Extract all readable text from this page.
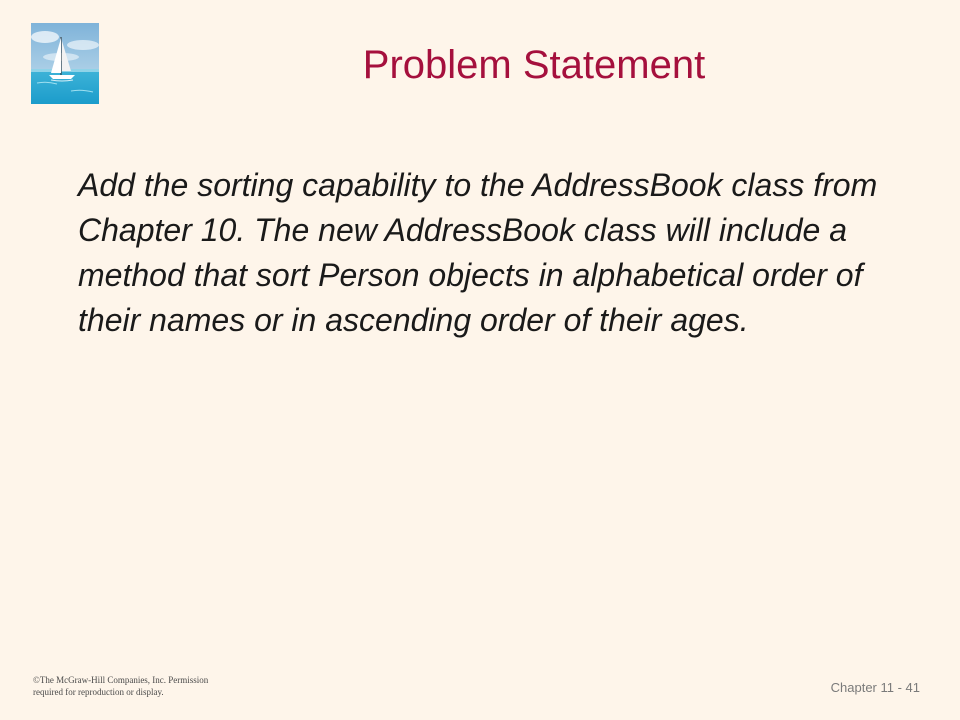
Problem Statement

Add the sorting capability to the AddressBook class from Chapter 10. The new AddressBook class will include a method that sort Person objects in alphabetical order of their names or in ascending order of their ages.

©The McGraw-Hill Companies, Inc. Permission
required for reproduction or display.	Chapter 11 - 41
